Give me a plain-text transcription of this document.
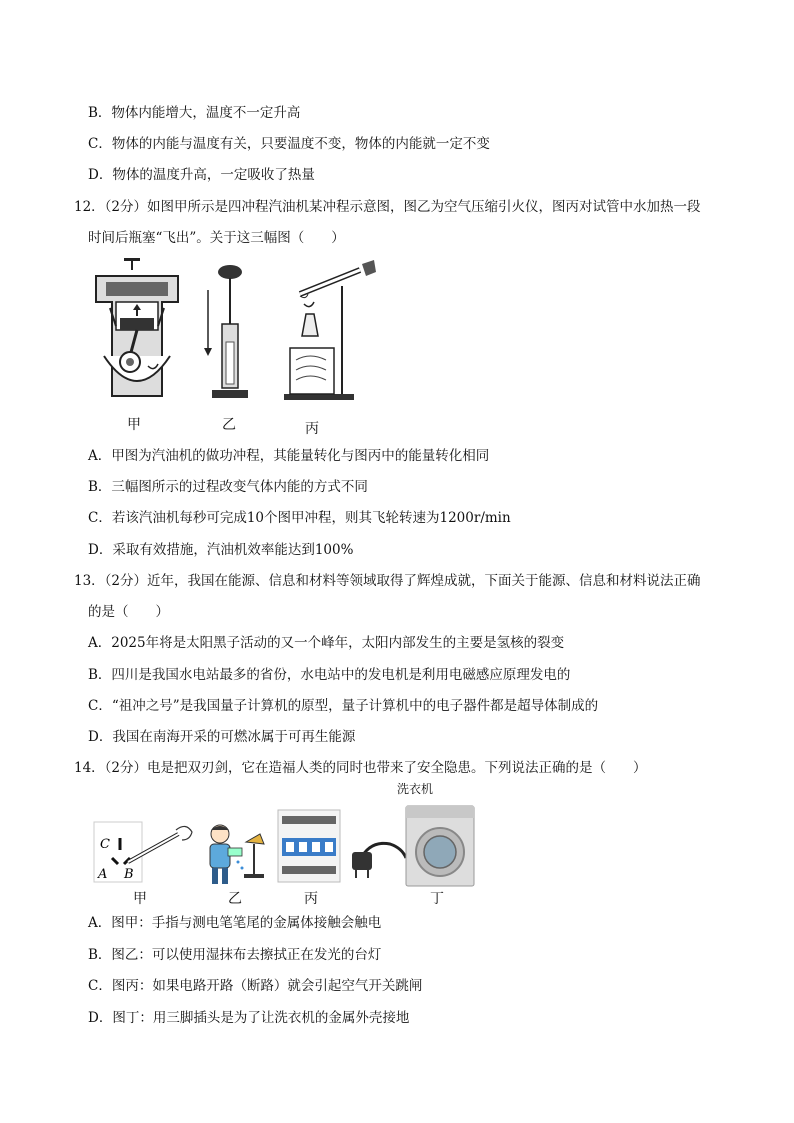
B．物体内能增大，温度不一定升高
C．物体的内能与温度有关，只要温度不变，物体的内能就一定不变
D．物体的温度升高，一定吸收了热量
12．（2分）如图甲所示是四冲程汽油机某冲程示意图，图乙为空气压缩引火仪，图丙对试管中水加热一段
时间后瓶塞“飞出”。关于这三幅图（　　）
甲	乙	丙
A．甲图为汽油机的做功冲程，其能量转化与图丙中的能量转化相同
B．三幅图所示的过程改变气体内能的方式不同
C．若该汽油机每秒可完成10个图甲冲程，则其飞轮转速为1200r/min
D．采取有效措施，汽油机效率能达到100%
13．（2分）近年，我国在能源、信息和材料等领域取得了辉煌成就，下面关于能源、信息和材料说法正确
的是（　　）
A．2025年将是太阳黑子活动的又一个峰年，太阳内部发生的主要是氢核的裂变
B．四川是我国水电站最多的省份，水电站中的发电机是利用电磁感应原理发电的
C．“祖冲之号”是我国量子计算机的原型，量子计算机中的电子器件都是超导体制成的
D．我国在南海开采的可燃冰属于可再生能源
14．（2分）电是把双刃剑，它在造福人类的同时也带来了安全隐患。下列说法正确的是（　　）
C
A B
甲	乙	丙
洗衣机
丁
A．图甲：手指与测电笔笔尾的金属体接触会触电
B．图乙：可以使用湿抹布去擦拭正在发光的台灯
C．图丙：如果电路开路（断路）就会引起空气开关跳闸
D．图丁：用三脚插头是为了让洗衣机的金属外壳接地
